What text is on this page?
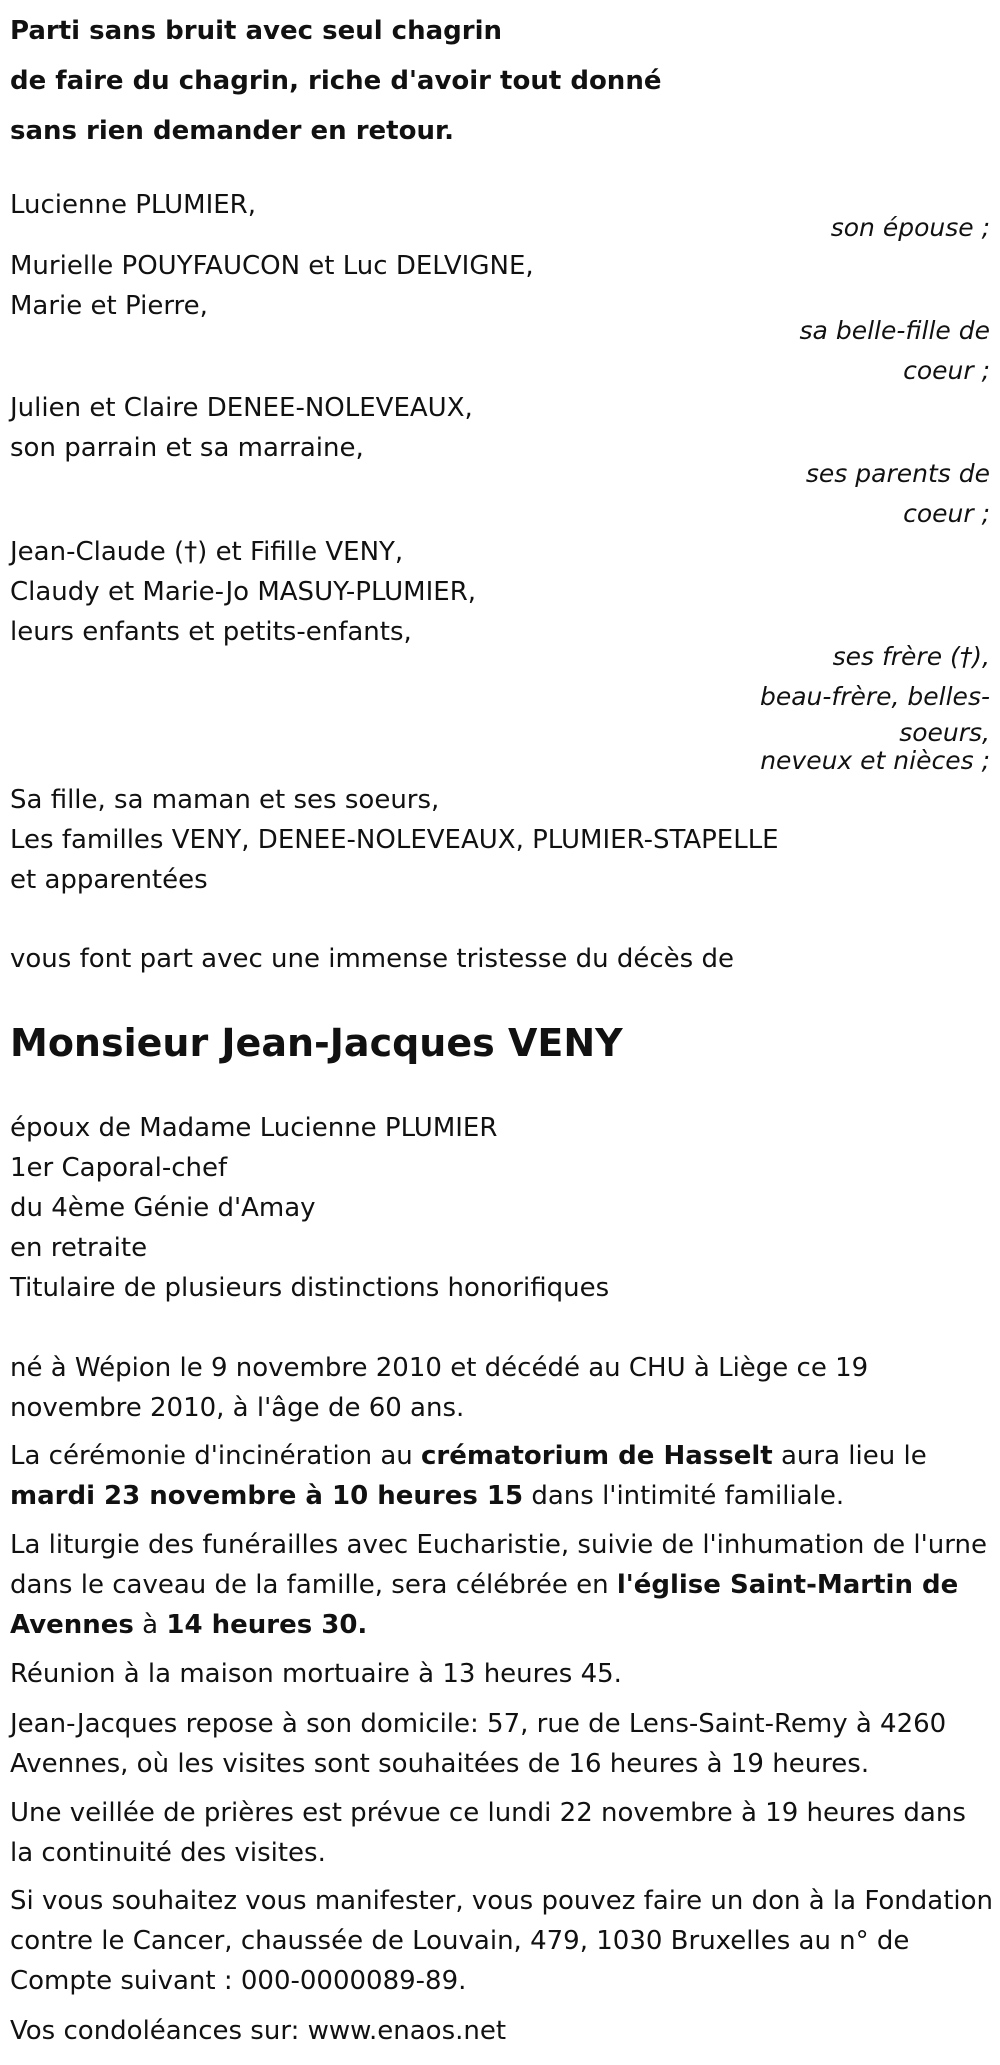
Parti sans bruit avec seul chagrin
de faire du chagrin, riche d'avoir tout donné
sans rien demander en retour.
Lucienne PLUMIER,
son épouse ;
Murielle POUYFAUCON et Luc DELVIGNE,
Marie et Pierre,
sa belle-fille de
coeur ;
Julien et Claire DENEE-NOLEVEAUX,
son parrain et sa marraine,
ses parents de
coeur ;
Jean-Claude (†) et Fifille VENY,
Claudy et Marie-Jo MASUY-PLUMIER,
leurs enfants et petits-enfants,
ses frère (†),
beau-frère, belles-
soeurs,
neveux et nièces ;
Sa fille, sa maman et ses soeurs,
Les familles VENY, DENEE-NOLEVEAUX, PLUMIER-STAPELLE
et apparentées
vous font part avec une immense tristesse du décès de
Monsieur Jean-Jacques VENY
époux de Madame Lucienne PLUMIER
1er Caporal-chef
du 4ème Génie d'Amay
en retraite
Titulaire de plusieurs distinctions honorifiques
né à Wépion le 9 novembre 2010 et décédé au CHU à Liège ce 19 novembre 2010, à l'âge de 60 ans.
La cérémonie d'incinération au crématorium de Hasselt aura lieu le mardi 23 novembre à 10 heures 15 dans l'intimité familiale.
La liturgie des funérailles avec Eucharistie, suivie de l'inhumation de l'urne dans le caveau de la famille, sera célébrée en l'église Saint-Martin de Avennes à 14 heures 30.
Réunion à la maison mortuaire à 13 heures 45.
Jean-Jacques repose à son domicile: 57, rue de Lens-Saint-Remy à 4260 Avennes, où les visites sont souhaitées de 16 heures à 19 heures.
Une veillée de prières est prévue ce lundi 22 novembre à 19 heures dans la continuité des visites.
Si vous souhaitez vous manifester, vous pouvez faire un don à la Fondation contre le Cancer, chaussée de Louvain, 479, 1030 Bruxelles au n° de Compte suivant : 000-0000089-89.
Vos condoléances sur: www.enaos.net
